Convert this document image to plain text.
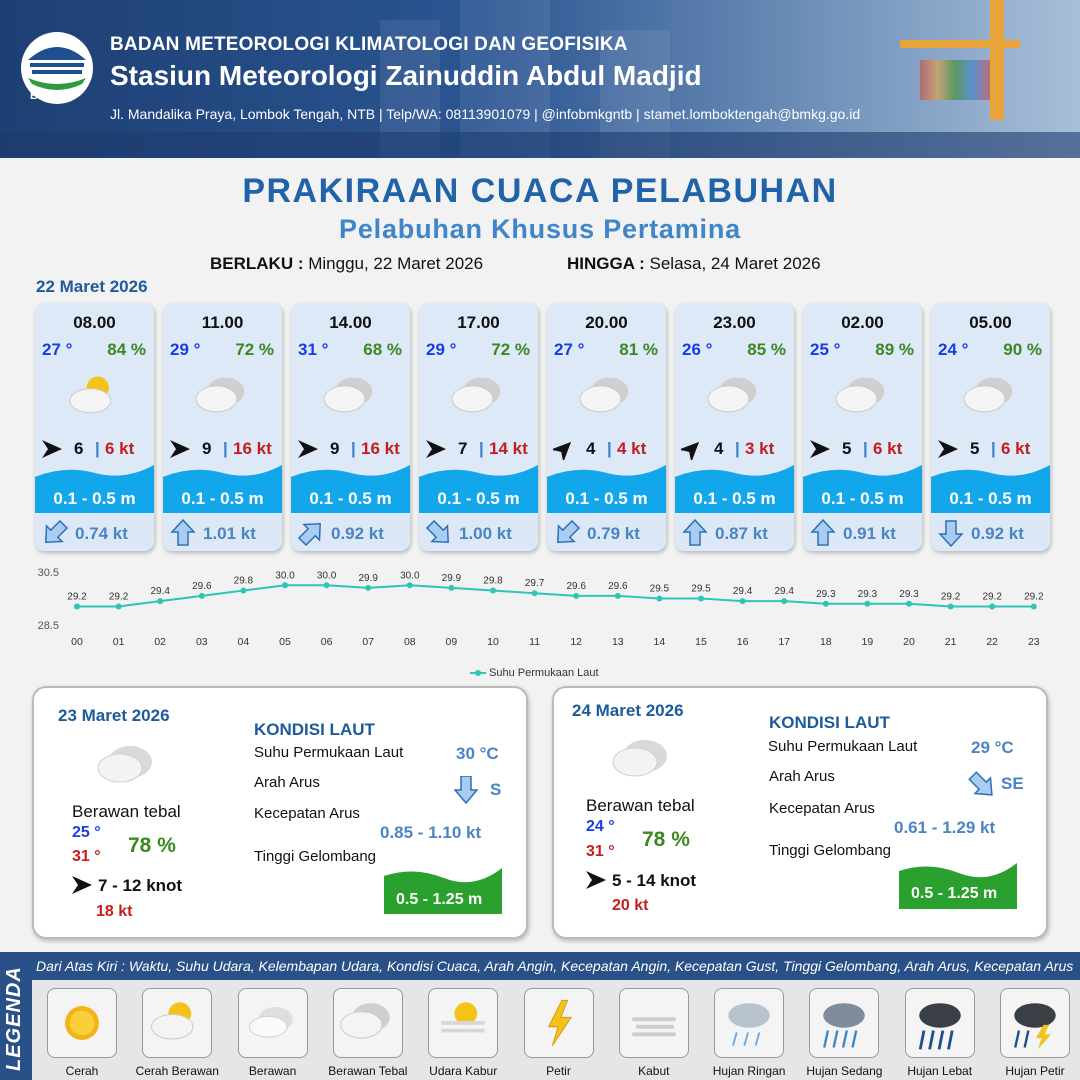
BMKG
BADAN METEOROLOGI KLIMATOLOGI DAN GEOFISIKA
Stasiun Meteorologi Zainuddin Abdul Madjid
Jl. Mandalika Praya, Lombok Tengah, NTB | Telp/WA: 08113901079 | @infobmkgntb | stamet.lomboktengah@bmkg.go.id
PRAKIRAAN CUACA PELABUHAN
Pelabuhan Khusus Pertamina
BERLAKU : Minggu, 22 Maret 2026	HINGGA : Selasa, 24 Maret 2026
22 Maret 2026
08.00
27 ° 84 %
6 | 6 kt
0.1 - 0.5 m
0.74 kt
11.00
29 ° 72 %
9 | 16 kt
0.1 - 0.5 m
1.01 kt
14.00
31 ° 68 %
9 | 16 kt
0.1 - 0.5 m
0.92 kt
17.00
29 ° 72 %
7 | 14 kt
0.1 - 0.5 m
1.00 kt
20.00
27 ° 81 %
4 | 4 kt
0.1 - 0.5 m
0.79 kt
23.00
26 ° 85 %
4 | 3 kt
0.1 - 0.5 m
0.87 kt
02.00
25 ° 89 %
5 | 6 kt
0.1 - 0.5 m
0.91 kt
05.00
24 ° 90 %
5 | 6 kt
0.1 - 0.5 m
0.92 kt
30.5
28.5
29.2
00
29.2
01
29.4
02
29.6
03
29.8
04
30.0
05
30.0
06
29.9
07
30.0
08
29.9
09
29.8
10
29.7
11
29.6
12
29.6
13
29.5
14
29.5
15
29.4
16
29.4
17
29.3
18
29.3
19
29.3
20
29.2
21
29.2
22
29.2
23
Suhu Permukaan Laut
23 Maret 2026
Berawan tebal
25 °
31 ° 78 %
7 - 12 knot
18 kt
KONDISI LAUT
Suhu Permukaan Laut	30 °C
Arah Arus	S
Kecepatan Arus
0.85 - 1.10 kt
Tinggi Gelombang
0.5 - 1.25 m
24 Maret 2026
Berawan tebal
24 °
31 °
78 %
5 - 14 knot
20 kt
KONDISI LAUT
Suhu Permukaan Laut	29 °C
Arah Arus	SE
Kecepatan Arus
0.61 - 1.29 kt
Tinggi Gelombang
0.5 - 1.25 m
LEGENDA
Dari Atas Kiri : Waktu, Suhu Udara, Kelembapan Udara, Kondisi Cuaca, Arah Angin, Kecepatan Angin, Kecepatan Gust, Tinggi Gelombang, Arah Arus, Kecepatan Arus
Cerah	Cerah Berawan	Berawan	Berawan Tebal	Udara Kabur	Petir	Kabut	Hujan Ringan	Hujan Sedang	Hujan Lebat	Hujan Petir
